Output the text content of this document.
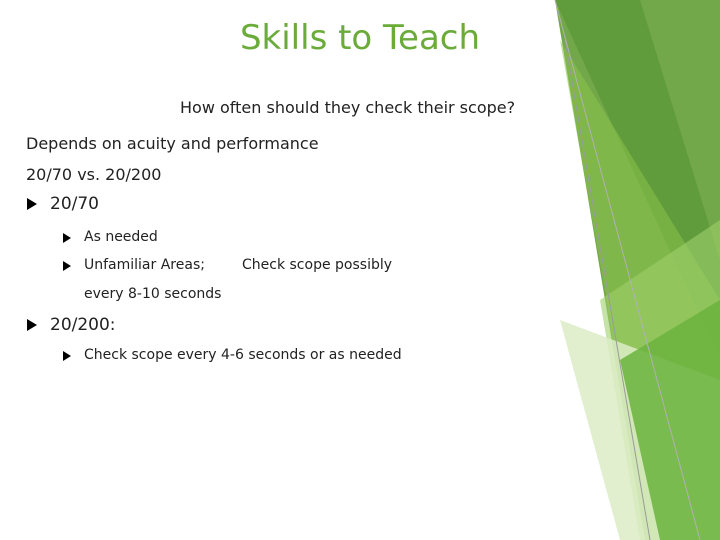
Skills to Teach
How often should they check their scope?
Depends on acuity and performance
20/70 vs. 20/200
20/70
As needed
Unfamiliar Areas;	Check scope possibly
every 8-10 seconds
20/200:
Check scope every 4-6 seconds or as needed
